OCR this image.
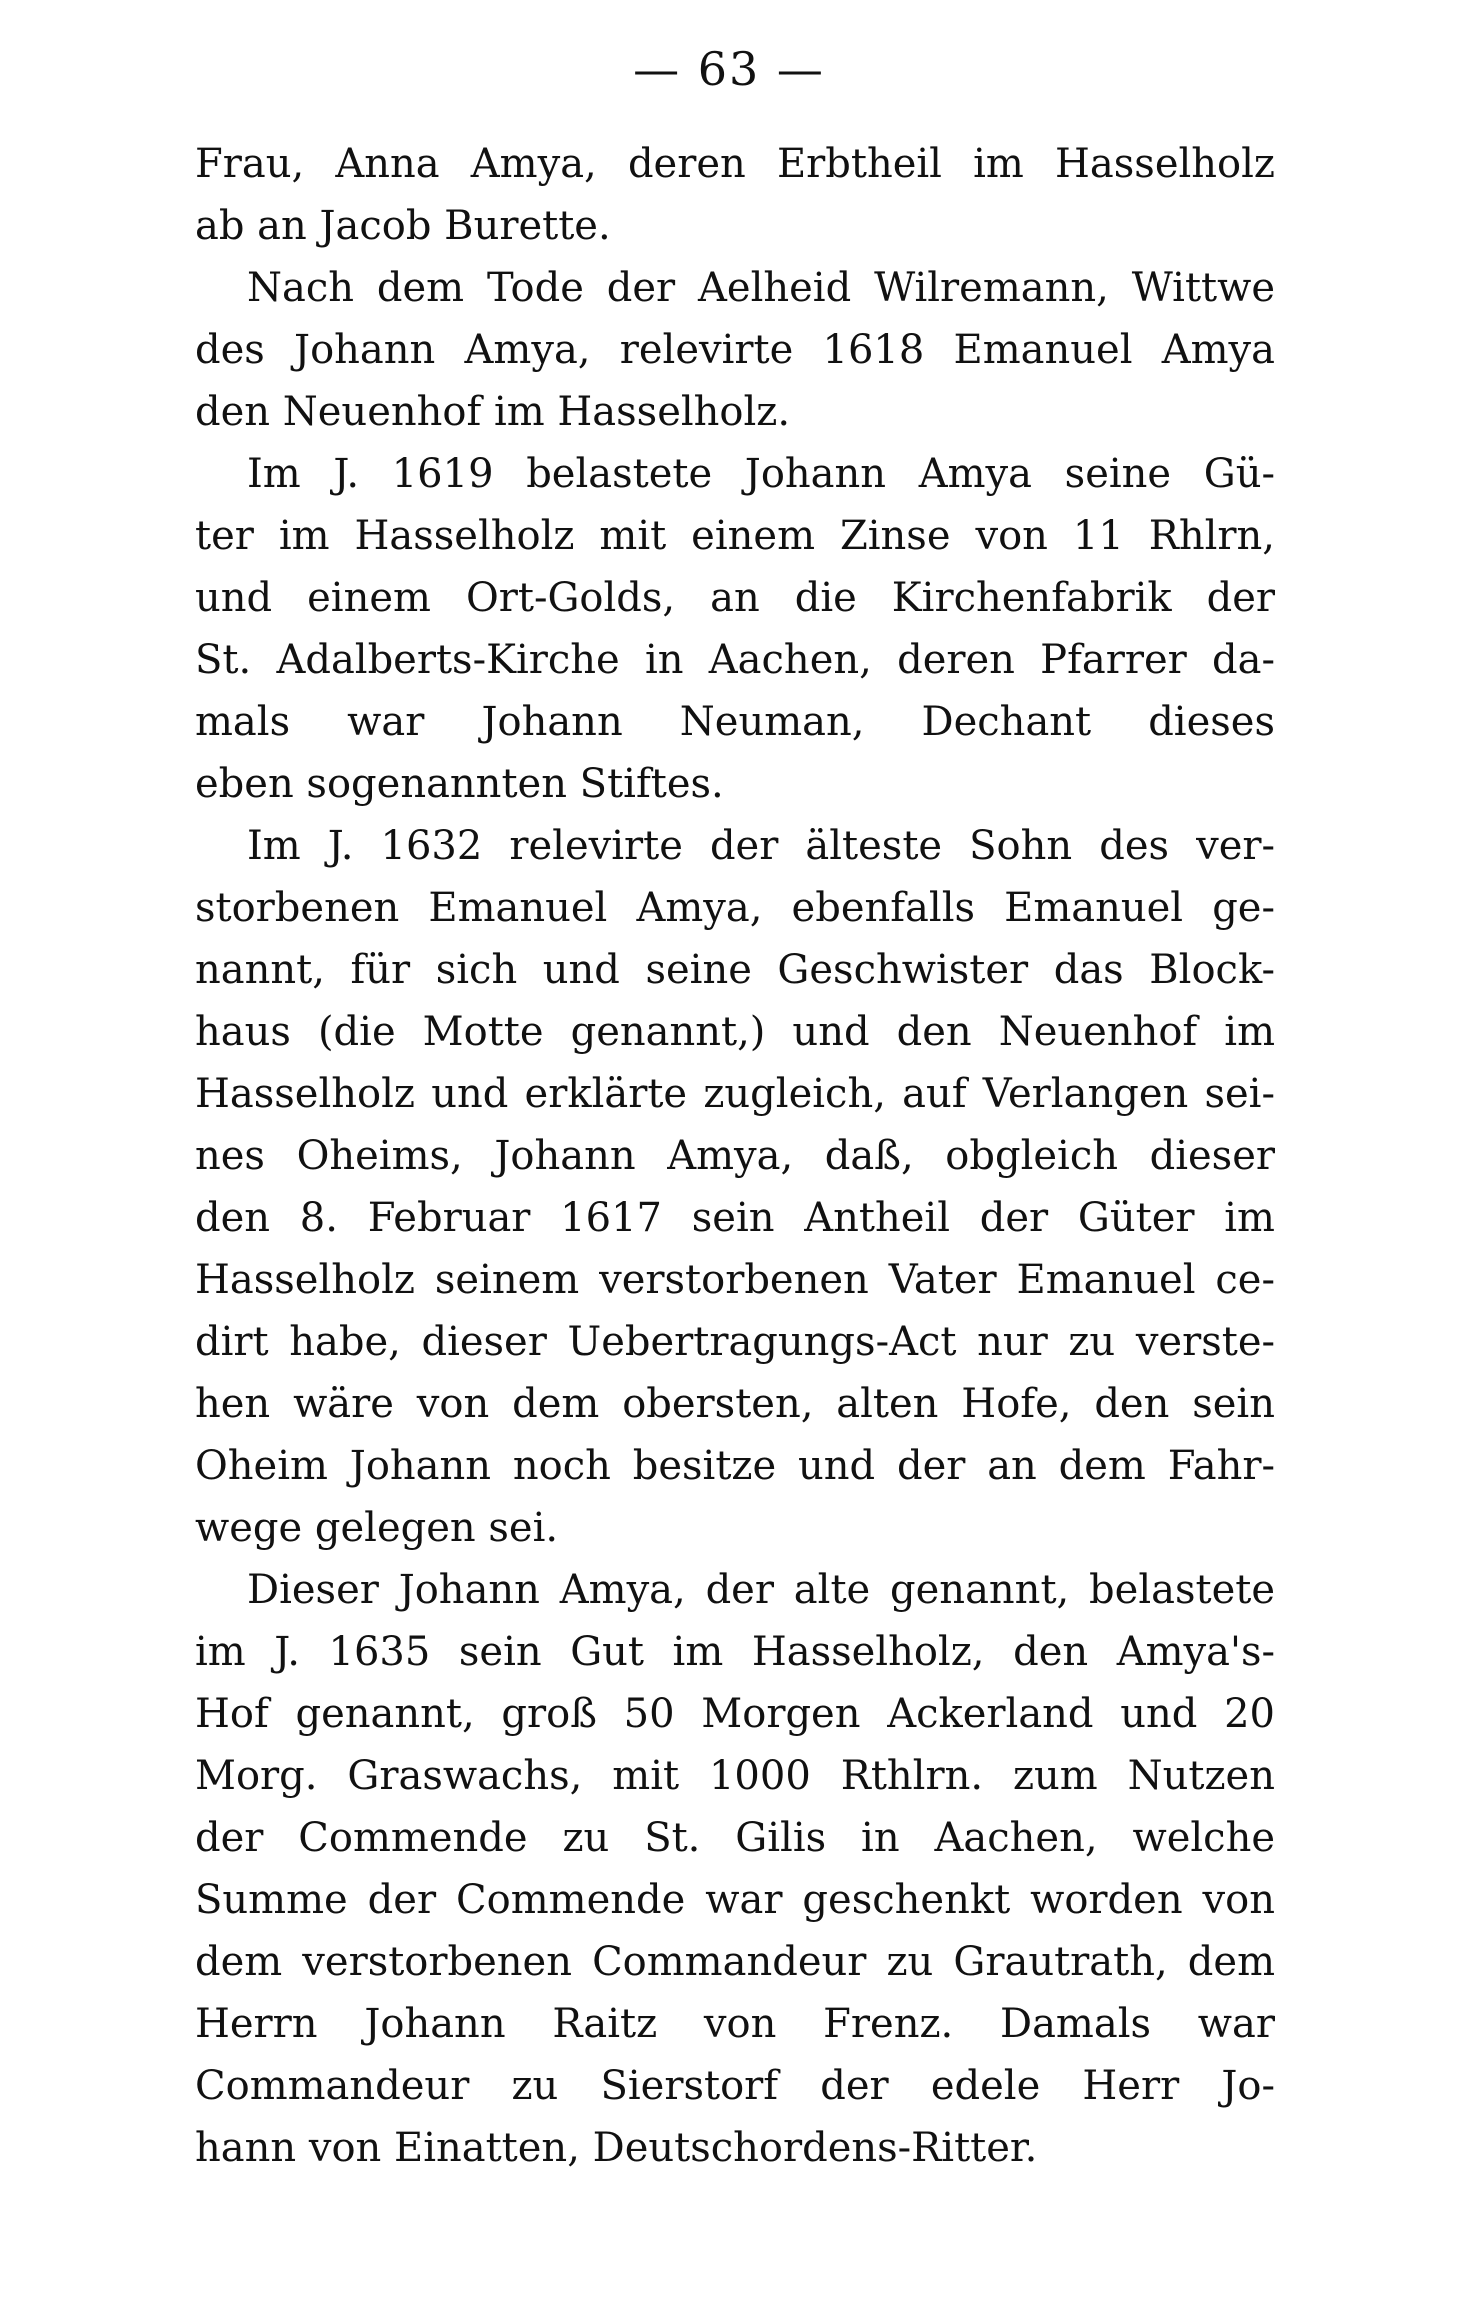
— 63 —
Frau, Anna Amya, deren Erbtheil im Hasselholz
ab an Jacob Burette.
Nach dem Tode der Aelheid Wilremann, Wittwe
des Johann Amya, relevirte 1618 Emanuel Amya
den Neuenhof im Hasselholz.
Im J. 1619 belastete Johann Amya seine Gü-
ter im Hasselholz mit einem Zinse von 11 Rhlrn,
und einem Ort-Golds, an die Kirchenfabrik der
St. Adalberts-Kirche in Aachen, deren Pfarrer da-
mals war Johann Neuman, Dechant dieses
eben sogenannten Stiftes.
Im J. 1632 relevirte der älteste Sohn des ver-
storbenen Emanuel Amya, ebenfalls Emanuel ge-
nannt, für sich und seine Geschwister das Block-
haus (die Motte genannt,) und den Neuenhof im
Hasselholz und erklärte zugleich, auf Verlangen sei-
nes Oheims, Johann Amya, daß, obgleich dieser
den 8. Februar 1617 sein Antheil der Güter im
Hasselholz seinem verstorbenen Vater Emanuel ce-
dirt habe, dieser Uebertragungs-Act nur zu verste-
hen wäre von dem obersten, alten Hofe, den sein
Oheim Johann noch besitze und der an dem Fahr-
wege gelegen sei.
Dieser Johann Amya, der alte genannt, belastete
im J. 1635 sein Gut im Hasselholz, den Amya's-
Hof genannt, groß 50 Morgen Ackerland und 20
Morg. Graswachs, mit 1000 Rthlrn. zum Nutzen
der Commende zu St. Gilis in Aachen, welche
Summe der Commende war geschenkt worden von
dem verstorbenen Commandeur zu Grautrath, dem
Herrn Johann Raitz von Frenz. Damals war
Commandeur zu Sierstorf der edele Herr Jo-
hann von Einatten, Deutschordens-Ritter.
